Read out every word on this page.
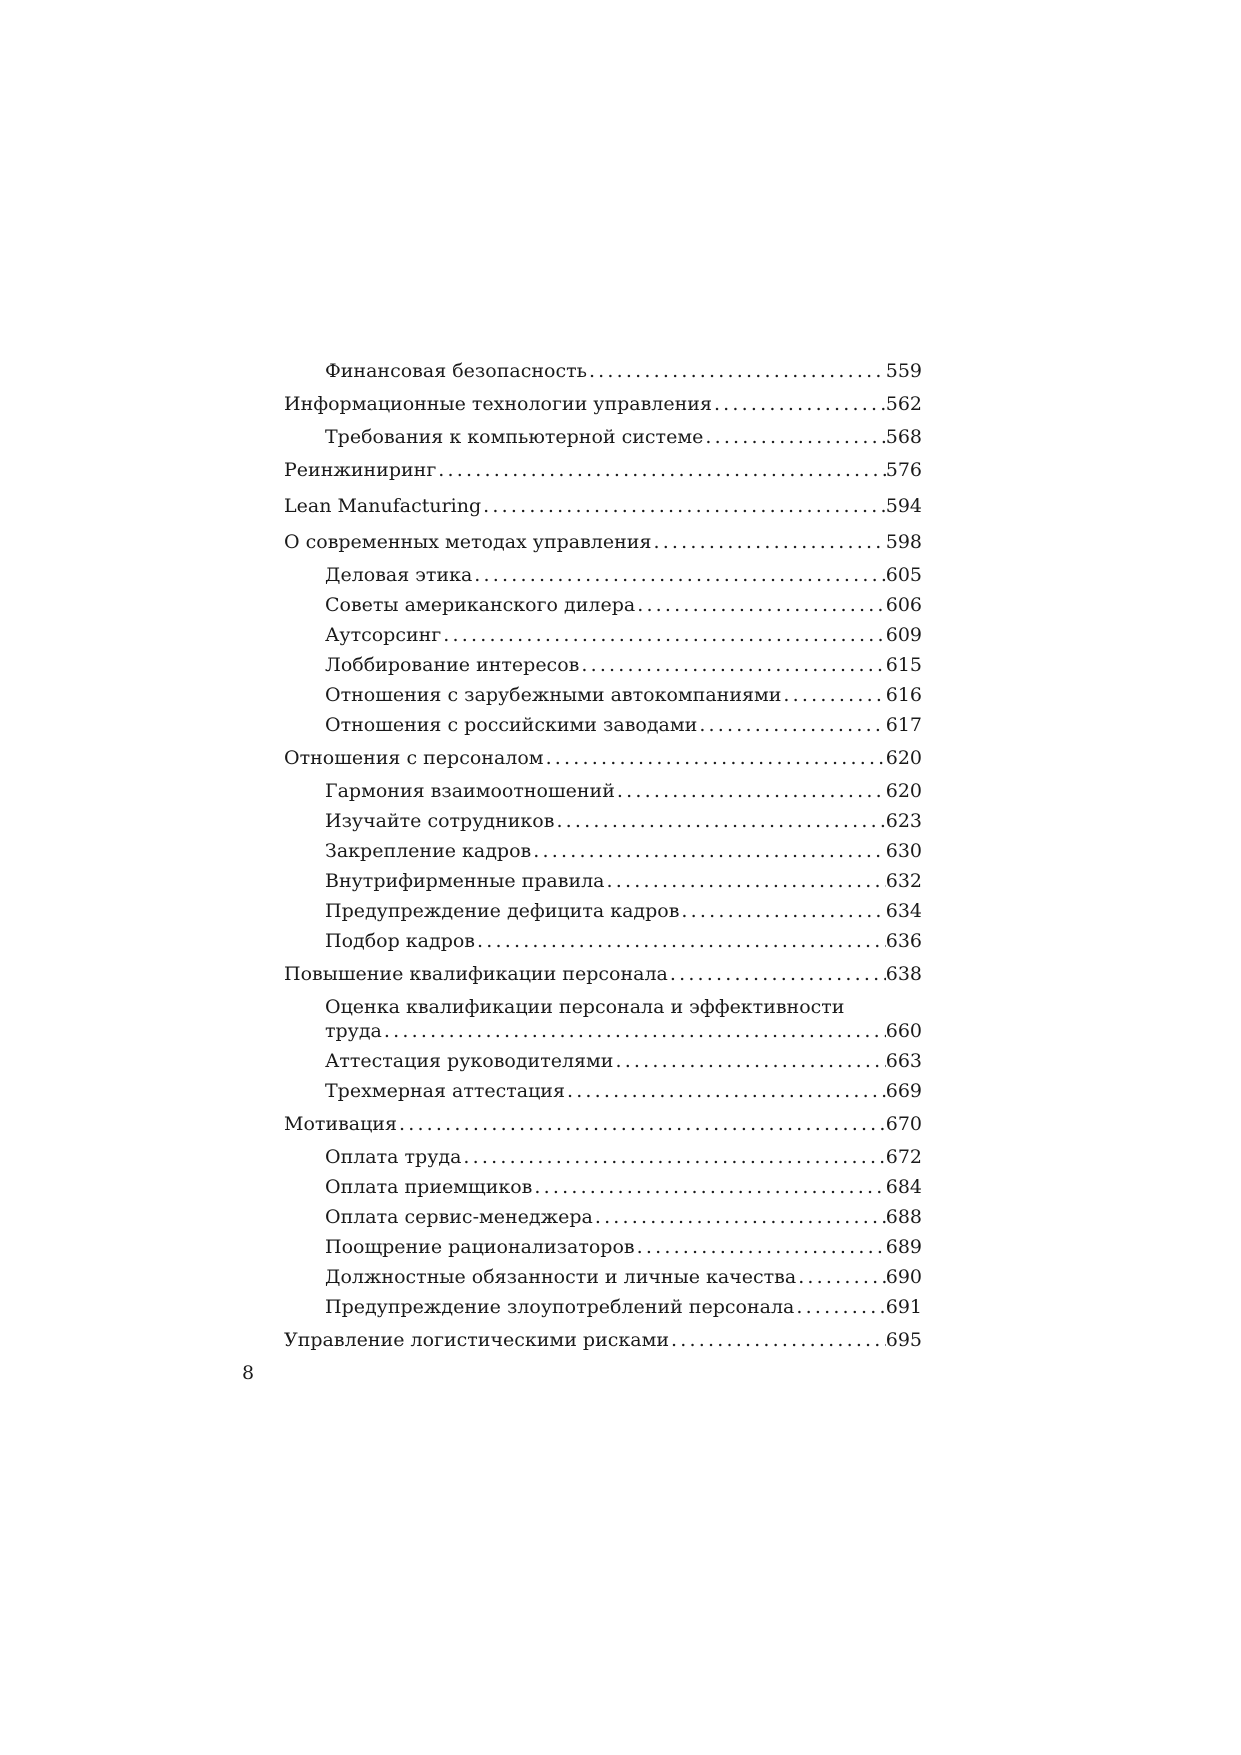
Финансовая безопасность .....	559
Информационные технологии управления .....	562
Требования к компьютерной системе .....	568
Реинжиниринг .....	576
Lean Manufacturing .....	594
О современных методах управления .....	598
Деловая этика .....	605
Советы американского дилера .....	606
Аутсорсинг .....	609
Лоббирование интересов .....	615
Отношения с зарубежными автокомпаниями .....	616
Отношения с российскими заводами .....	617
Отношения с персоналом .....	620
Гармония взаимоотношений .....	620
Изучайте сотрудников .....	623
Закрепление кадров .....	630
Внутрифирменные правила .....	632
Предупреждение дефицита кадров .....	634
Подбор кадров .....	636
Повышение квалификации персонала .....	638
Оценка квалификации персонала и эффективности
труда .....	660
Аттестация руководителями .....	663
Трехмерная аттестация .....	669
Мотивация .....	670
Оплата труда .....	672
Оплата приемщиков .....	684
Оплата сервис-менеджера .....	688
Поощрение рационализаторов .....	689
Должностные обязанности и личные качества .....	690
Предупреждение злоупотреблений персонала .....	691
Управление логистическими рисками .....	695
8
